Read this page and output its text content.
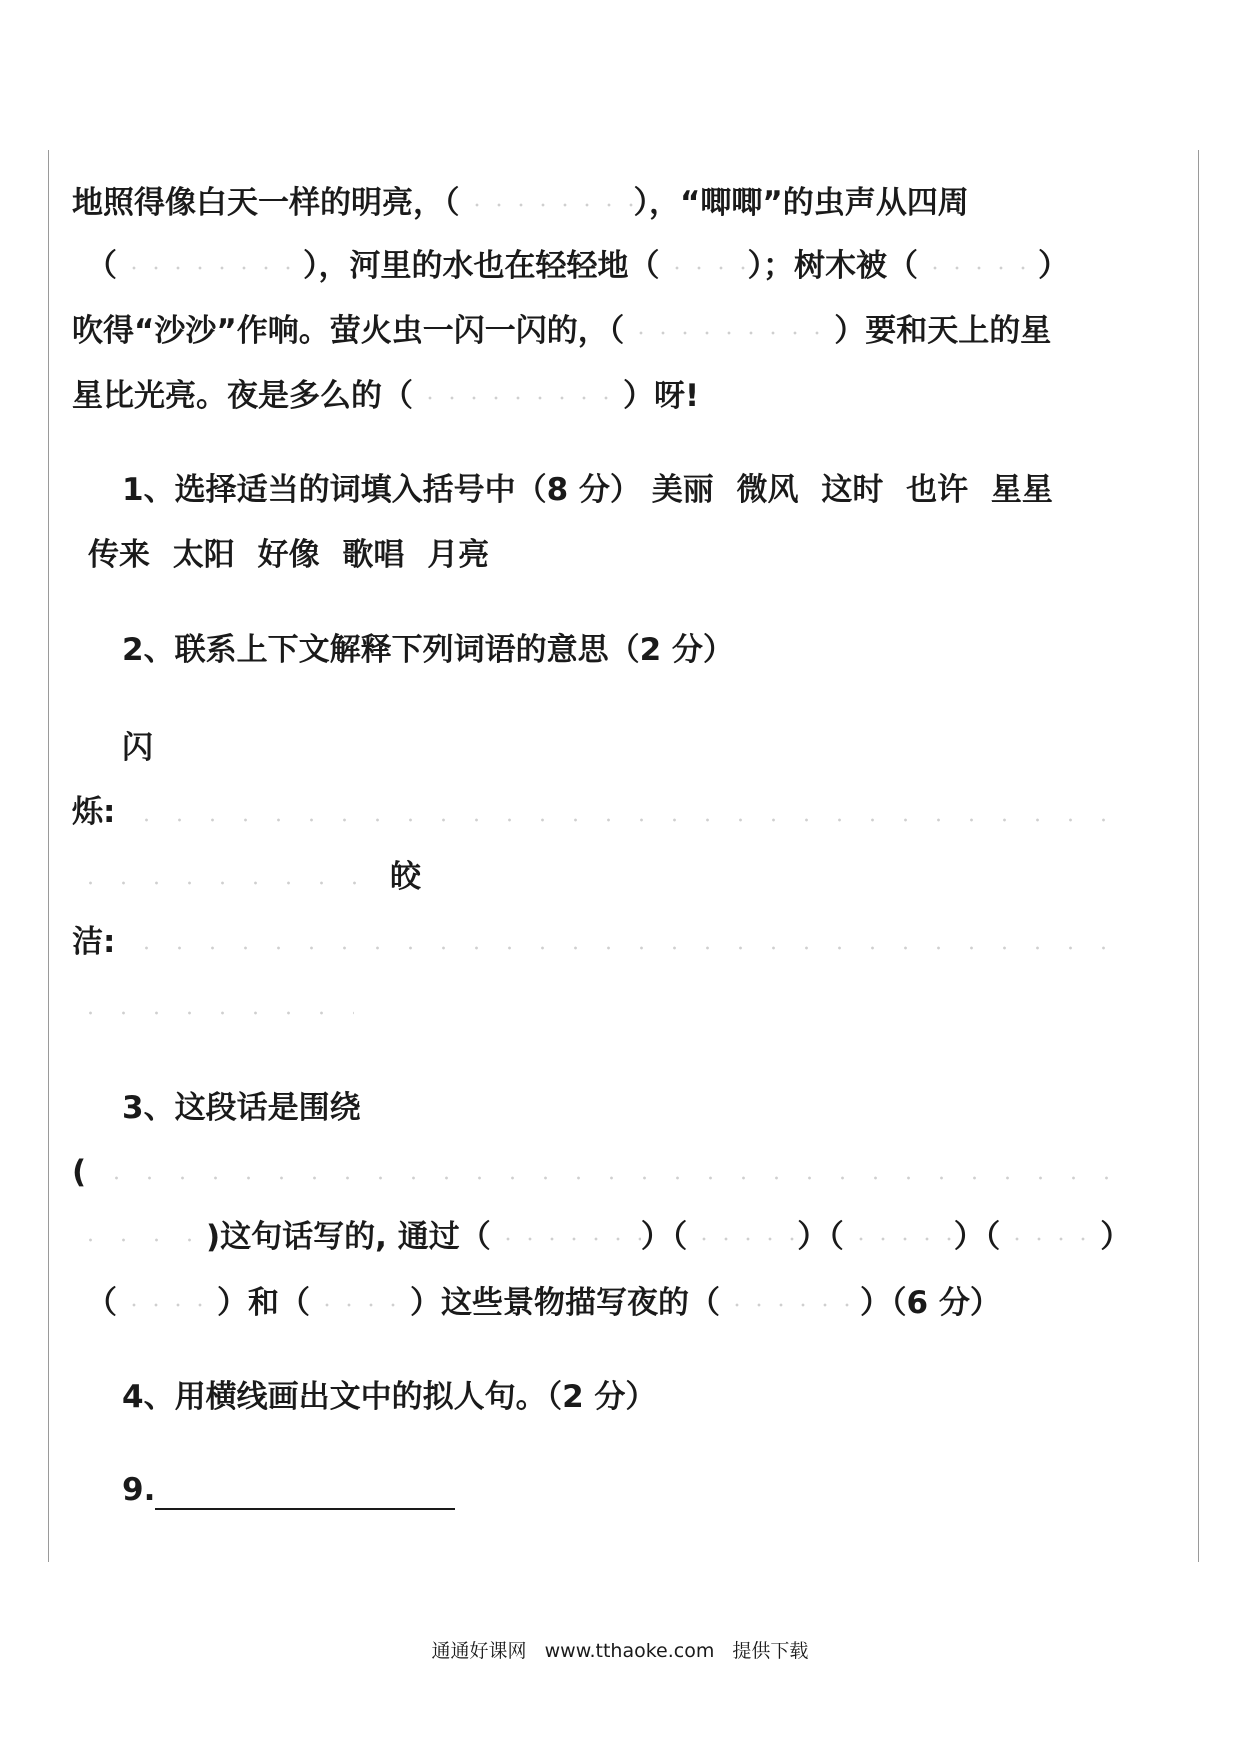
地照得像白天一样的明亮，（	），“唧唧”的虫声从四周
（	），河里的水也在轻轻地（	）；树木被（	）
吹得“沙沙”作响。萤火虫一闪一闪的，（	）要和天上的星
星比光亮。夜是多么的（	）呀!
1、选择适当的词填入括号中（8 分） 美丽 微风 这时 也许 星星
传来 太阳 好像 歌唱 月亮
2、联系上下文解释下列词语的意思（2 分）
闪
烁:
皎
洁:
3、这段话是围绕
(
)这句话写的, 通过（	）（	）（	）（	）
（	）和（	）这些景物描写夜的（	）（6 分）
4、用横线画出文中的拟人句。（2 分）
9.
通通好课网 www.tthaoke.com 提供下载
